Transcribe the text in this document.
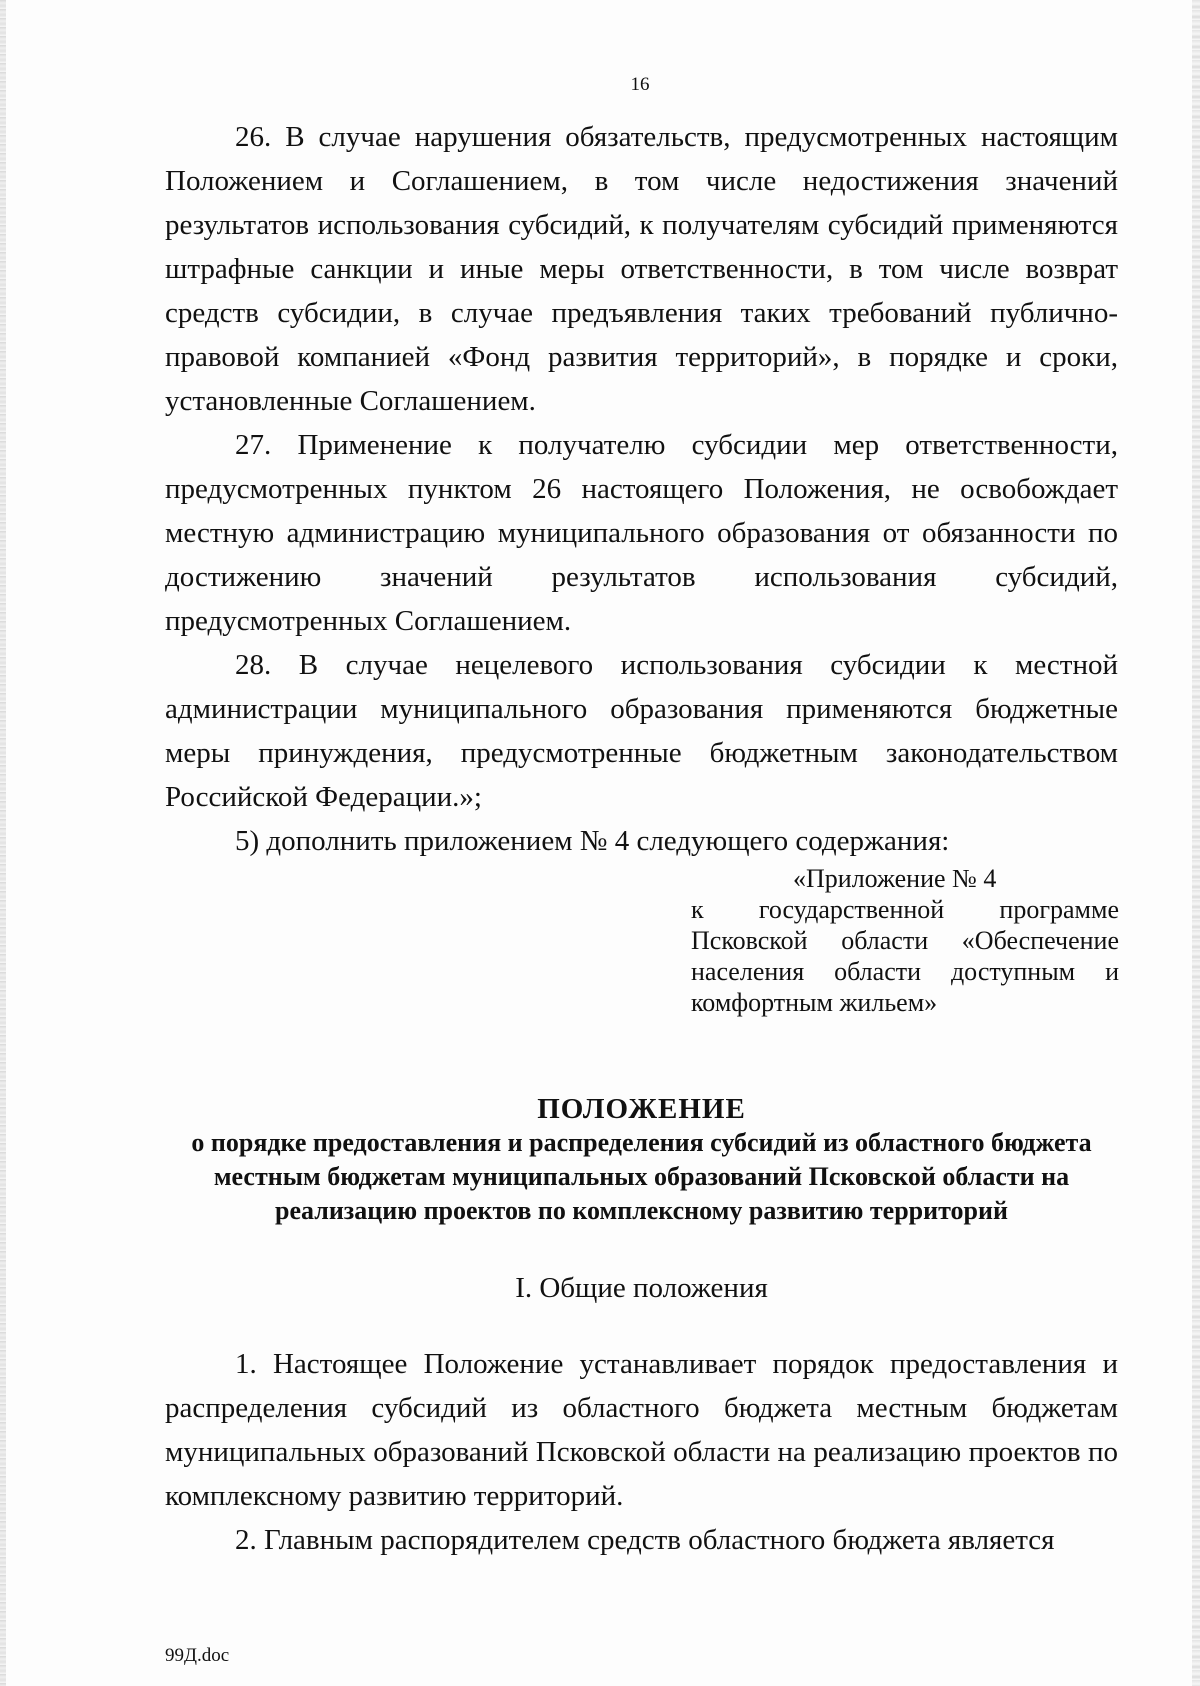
16

26. В случае нарушения обязательств, предусмотренных настоящим Положением и Соглашением, в том числе недостижения значений результатов использования субсидий, к получателям субсидий применяются штрафные санкции и иные меры ответственности, в том числе возврат средств субсидии, в случае предъявления таких требований публично-правовой компанией «Фонд развития территорий», в порядке и сроки, установленные Соглашением.

27. Применение к получателю субсидии мер ответственности, предусмотренных пунктом 26 настоящего Положения, не освобождает местную администрацию муниципального образования от обязанности по достижению значений результатов использования субсидий, предусмотренных Соглашением.

28. В случае нецелевого использования субсидии к местной администрации муниципального образования применяются бюджетные меры принуждения, предусмотренные бюджетным законодательством Российской Федерации.»;

5) дополнить приложением № 4 следующего содержания:

«Приложение № 4
к государственной программе Псковской области «Обеспечение населения области доступным и комфортным жильем»
ПОЛОЖЕНИЕ
о порядке предоставления и распределения субсидий из областного бюджета местным бюджетам муниципальных образований Псковской области на реализацию проектов по комплексному развитию территорий
I. Общие положения

1. Настоящее Положение устанавливает порядок предоставления и распределения субсидий из областного бюджета местным бюджетам муниципальных образований Псковской области на реализацию проектов по комплексному развитию территорий.

2. Главным распорядителем средств областного бюджета является

99Д.doc
